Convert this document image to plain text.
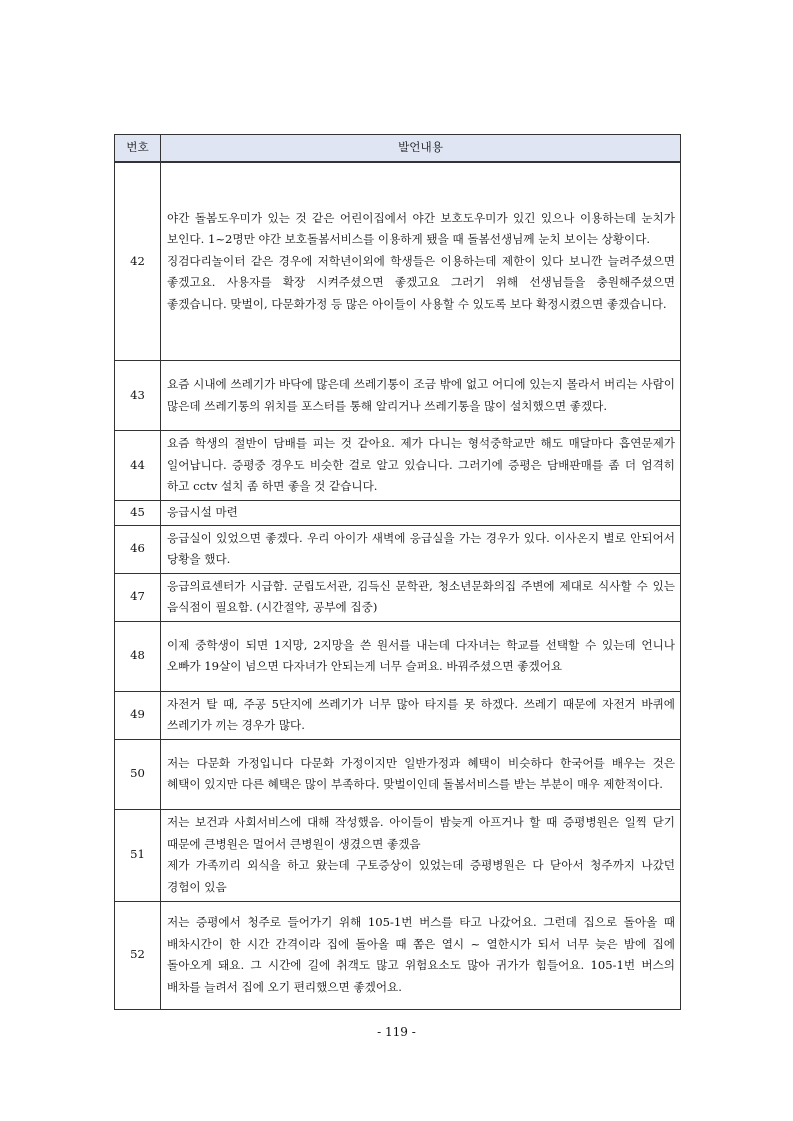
번호	발언내용
42	야간 돌봄도우미가 있는 것 같은 어린이집에서 야간 보호도우미가 있긴 있으나 이용하는데 눈치가 보인다. 1~2명만 야간 보호돌봄서비스를 이용하게 됐을 때 돌봄선생님께 눈치 보이는 상황이다.
징검다리놀이터 같은 경우에 저학년이외에 학생들은 이용하는데 제한이 있다 보니깐 늘려주셨으면 좋겠고요. 사용자를 확장 시켜주셨으면 좋겠고요 그러기 위해 선생님들을 충원해주셨으면 좋겠습니다. 맞벌이, 다문화가정 등 많은 아이들이 사용할 수 있도록 보다 확정시켰으면 좋겠습니다.

43	요즘 시내에 쓰레기가 바닥에 많은데 쓰레기통이 조금 밖에 없고 어디에 있는지 몰라서 버리는 사람이 많은데 쓰레기통의 위치를 포스터를 통해 알리거나 쓰레기통을 많이 설치했으면 좋겠다.
44	요즘 학생의 절반이 담배를 피는 것 같아요. 제가 다니는 형석중학교만 해도 매달마다 흡연문제가 일어납니다. 증평중 경우도 비슷한 걸로 알고 있습니다. 그러기에 증평은 담배판매를 좀 더 엄격히 하고 cctv 설치 좀 하면 좋을 것 같습니다.
45	응급시설 마련
46	응급실이 있었으면 좋겠다. 우리 아이가 새벽에 응급실을 가는 경우가 있다. 이사온지 별로 안되어서 당황을 했다.
47	응급의료센터가 시급함. 군립도서관, 김득신 문학관, 청소년문화의집 주변에 제대로 식사할 수 있는 음식점이 필요함. (시간절약, 공부에 집중)
48	이제 중학생이 되면 1지망, 2지망을 쓴 원서를 내는데 다자녀는 학교를 선택할 수 있는데 언니나 오빠가 19살이 넘으면 다자녀가 안되는게 너무 슬퍼요. 바꿔주셨으면 좋겠어요
49	자전거 탈 때, 주공 5단지에 쓰레기가 너무 많아 타지를 못 하겠다. 쓰레기 때문에 자전거 바퀴에 쓰레기가 끼는 경우가 많다.
50	저는 다문화 가정입니다 다문화 가정이지만 일반가정과 혜택이 비슷하다 한국어를 배우는 것은 혜택이 있지만 다른 혜택은 많이 부족하다. 맞벌이인데 돌봄서비스를 받는 부분이 매우 제한적이다.
51	저는 보건과 사회서비스에 대해 작성했음. 아이들이 밤늦게 아프거나 할 때 증평병원은 일찍 닫기 때문에 큰병원은 멀어서 큰병원이 생겼으면 좋겠음
제가 가족끼리 외식을 하고 왔는데 구토증상이 있었는데 증평병원은 다 닫아서 청주까지 나갔던 경험이 있음

52	저는 증평에서 청주로 들어가기 위해 105-1번 버스를 타고 나갔어요. 그런데 집으로 돌아올 때 배차시간이 한 시간 간격이라 집에 돌아올 때 쫌은 열시 ~ 열한시가 되서 너무 늦은 밤에 집에 돌아오게 돼요. 그 시간에 길에 취객도 많고 위험요소도 많아 귀가가 힘들어요. 105-1번 버스의 배차를 늘려서 집에 오기 편리했으면 좋겠어요.
- 119 -
